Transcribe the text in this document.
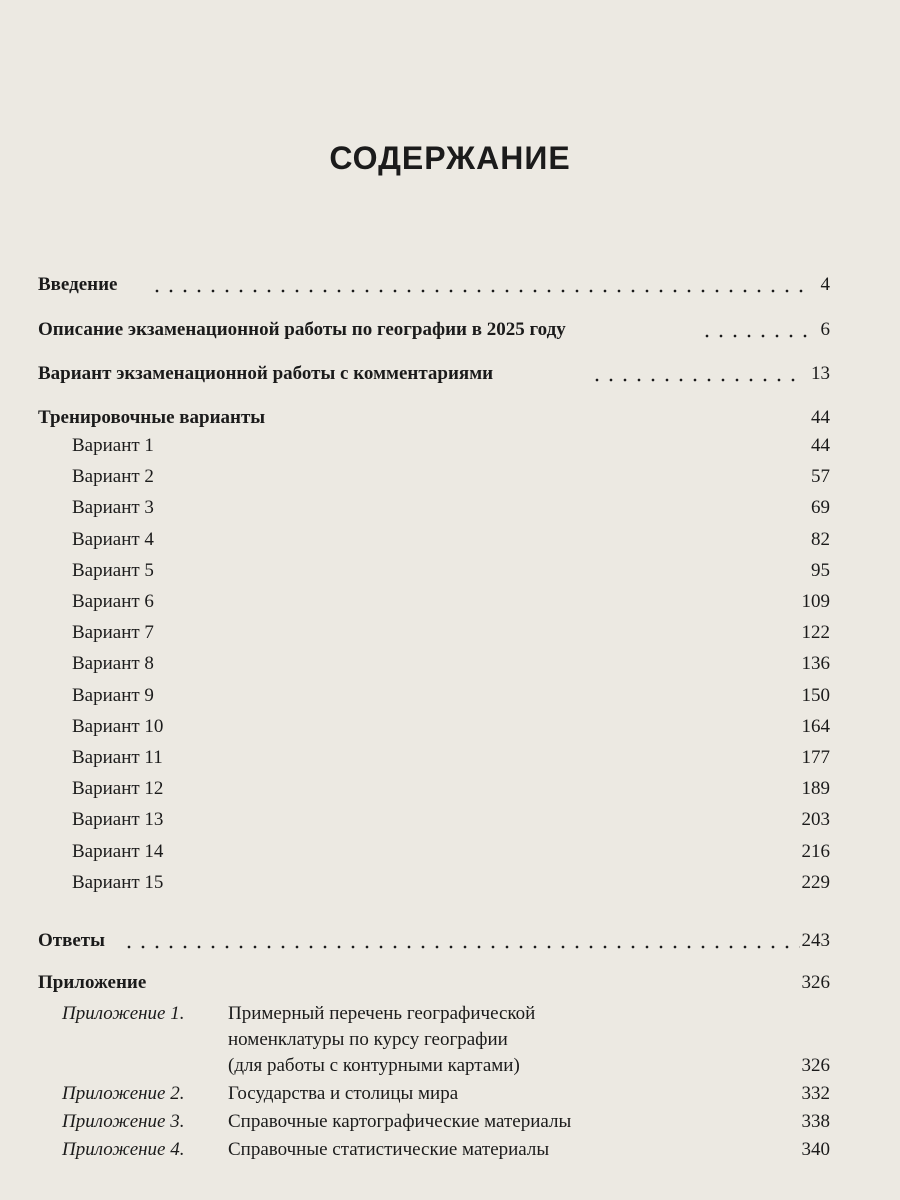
СОДЕРЖАНИЕ
Введение	4
Описание экзаменационной работы по географии в 2025 году	6
Вариант экзаменационной работы с комментариями	13
Тренировочные варианты	44
Вариант 1	44
Вариант 2	57
Вариант 3	69
Вариант 4	82
Вариант 5	95
Вариант 6	109
Вариант 7	122
Вариант 8	136
Вариант 9	150
Вариант 10	164
Вариант 11	177
Вариант 12	189
Вариант 13	203
Вариант 14	216
Вариант 15	229
Ответы	243
Приложение	326
Приложение 1. Примерный перечень географической
номенклатуры по курсу географии
(для работы с контурными картами)	326
Приложение 2. Государства и столицы мира	332
Приложение 3. Справочные картографические материалы	338
Приложение 4. Справочные статистические материалы	340
